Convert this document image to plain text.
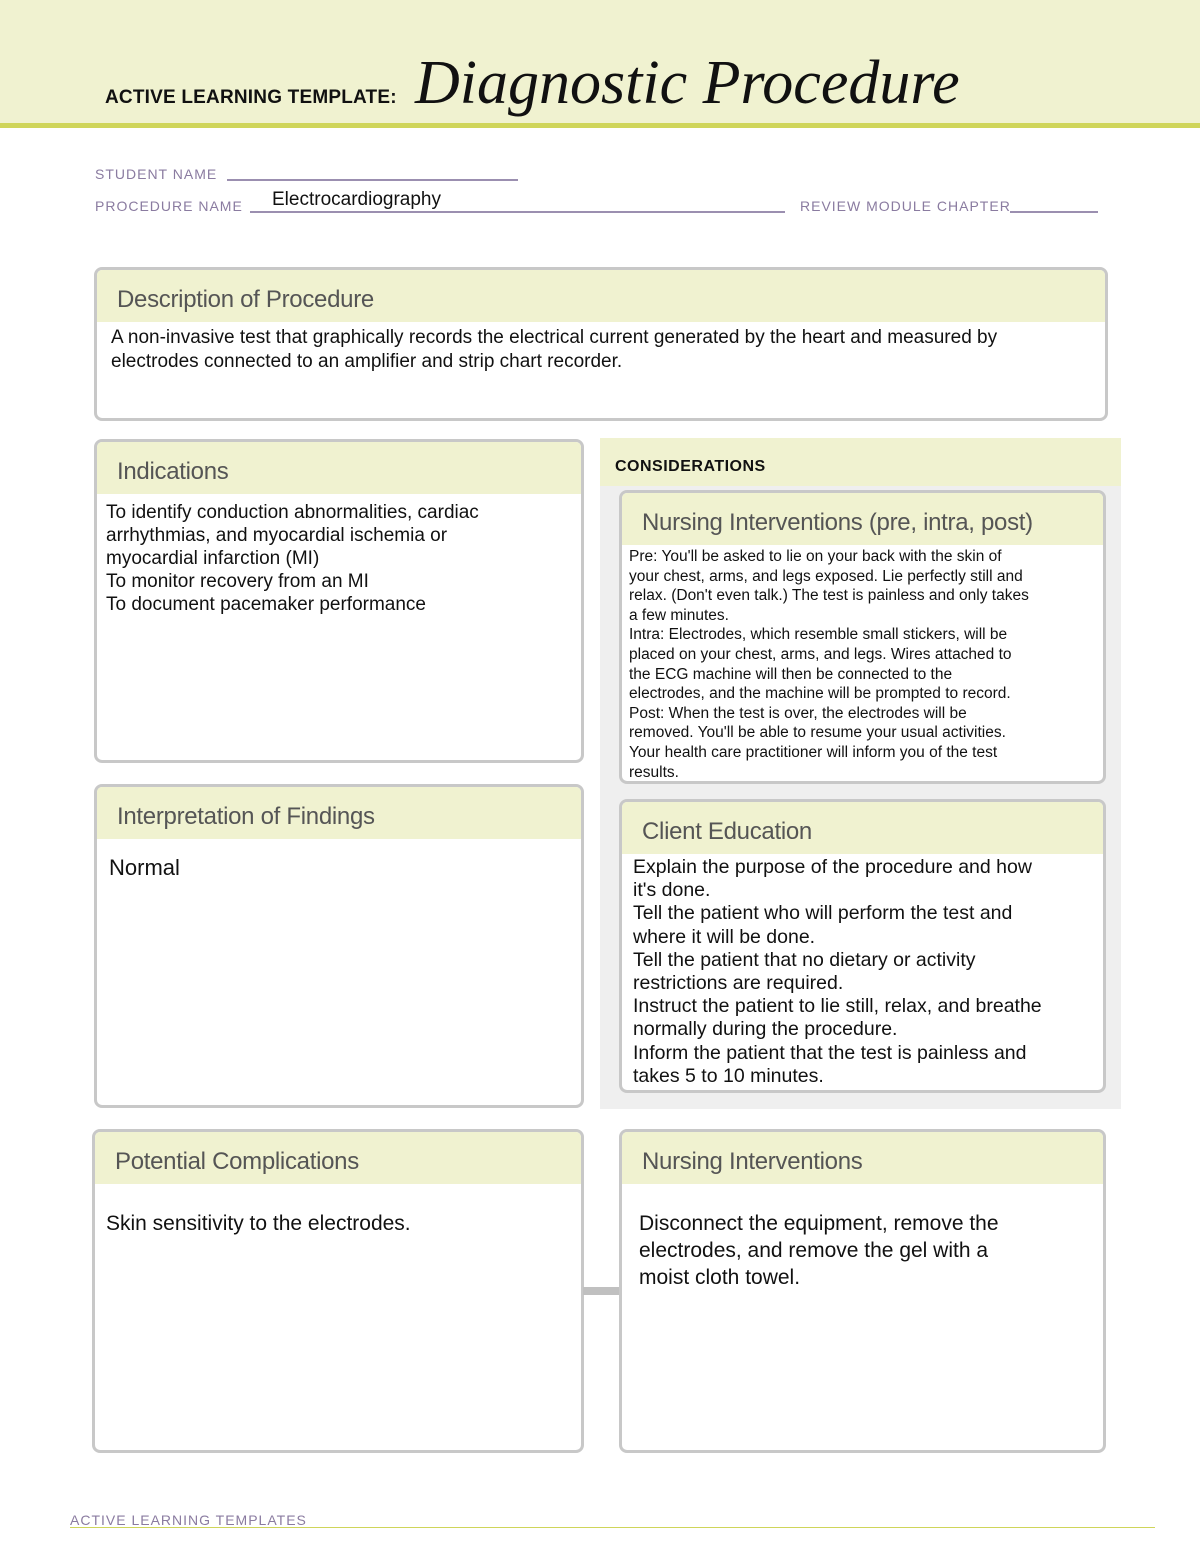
ACTIVE LEARNING TEMPLATE: Diagnostic Procedure
STUDENT NAME
PROCEDURE NAME Electrocardiography	REVIEW MODULE CHAPTER
Description of Procedure
A non-invasive test that graphically records the electrical current generated by the heart and measured by
electrodes connected to an amplifier and strip chart recorder.
Indications
To identify conduction abnormalities, cardiac
arrhythmias, and myocardial ischemia or
myocardial infarction (MI)
To monitor recovery from an MI
To document pacemaker performance
CONSIDERATIONS
Nursing Interventions (pre, intra, post)
Pre: You'll be asked to lie on your back with the skin of
your chest, arms, and legs exposed. Lie perfectly still and
relax. (Don't even talk.) The test is painless and only takes
a few minutes.
Intra: Electrodes, which resemble small stickers, will be
placed on your chest, arms, and legs. Wires attached to
the ECG machine will then be connected to the
electrodes, and the machine will be prompted to record.
Post: When the test is over, the electrodes will be
removed. You'll be able to resume your usual activities.
Your health care practitioner will inform you of the test
results.
Interpretation of Findings
Normal
Client Education
Explain the purpose of the procedure and how
it's done.
Tell the patient who will perform the test and
where it will be done.
Tell the patient that no dietary or activity
restrictions are required.
Instruct the patient to lie still, relax, and breathe
normally during the procedure.
Inform the patient that the test is painless and
takes 5 to 10 minutes.
Potential Complications
Skin sensitivity to the electrodes.
Nursing Interventions
Disconnect the equipment, remove the
electrodes, and remove the gel with a
moist cloth towel.
ACTIVE LEARNING TEMPLATES
